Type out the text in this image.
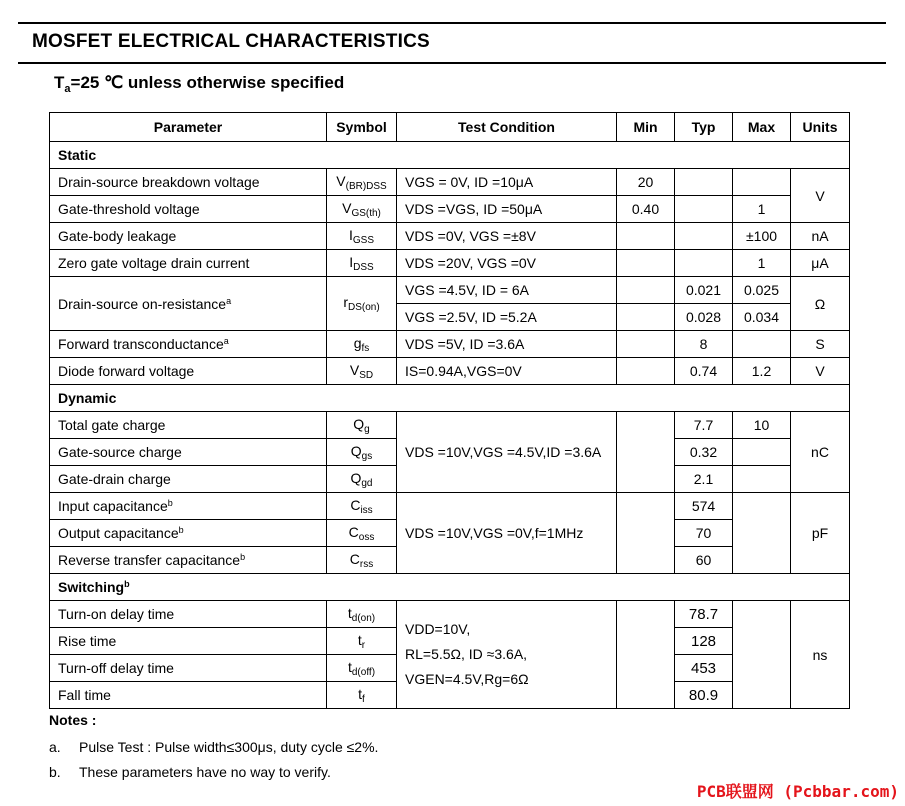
MOSFET ELECTRICAL CHARACTERISTICS
$T_a=25$ ℃ unless otherwise specified
Parameter	Symbol	Test Condition	Min	Typ	Max	Units
Static						
Drain-source breakdown voltage	$V_{(BR)DSS}$	VGS = 0V, ID =10μA	20			V
Gate-threshold voltage	$V_{GS(th)}$	VDS =VGS, ID =50μA	0.40		1	
Gate-body leakage	$I_{GSS}$	VDS =0V, VGS =±8V			±100	nA
Zero gate voltage drain current	$I_{DSS}$	VDS =20V, VGS =0V			1	μA
Drain-source on-resistance$^a$	$r_{DS(on)}$	VGS =4.5V, ID = 6A		0.021	0.025	Ω
		VGS =2.5V, ID =5.2A		0.028	0.034	
Forward transconductance$^a$	$g_{fs}$	VDS =5V, ID =3.6A		8		S
Diode forward voltage	$V_{SD}$	IS=0.94A,VGS=0V		0.74	1.2	V
Dynamic						
Total gate charge	$Q_g$	VDS =10V,VGS =4.5V,ID =3.6A		7.7	10	nC
Gate-source charge	$Q_{gs}$			0.32		
Gate-drain charge	$Q_{gd}$			2.1		
Input capacitance$^b$	$C_{iss}$	VDS =10V,VGS =0V,f=1MHz		574		pF
Output capacitance$^b$	$C_{oss}$			70		
Reverse transfer capacitance$^b$	$C_{rss}$			60		
Switching$^b$
Turn-on delay time	$t_{d(on)}$	VDD=10V,
RL=5.5Ω, ID ≈3.6A,
VGEN=4.5V,Rg=6Ω		78.7		ns
Rise time	$t_r$			128		
Turn-off delay time	$t_{d(off)}$			453		
Fall time	$t_f$			80.9		
Notes :
a. Pulse Test : Pulse width≤300μs, duty cycle ≤2%.
b. These parameters have no way to verify.
PCB联盟网 (Pcbbar.com)
